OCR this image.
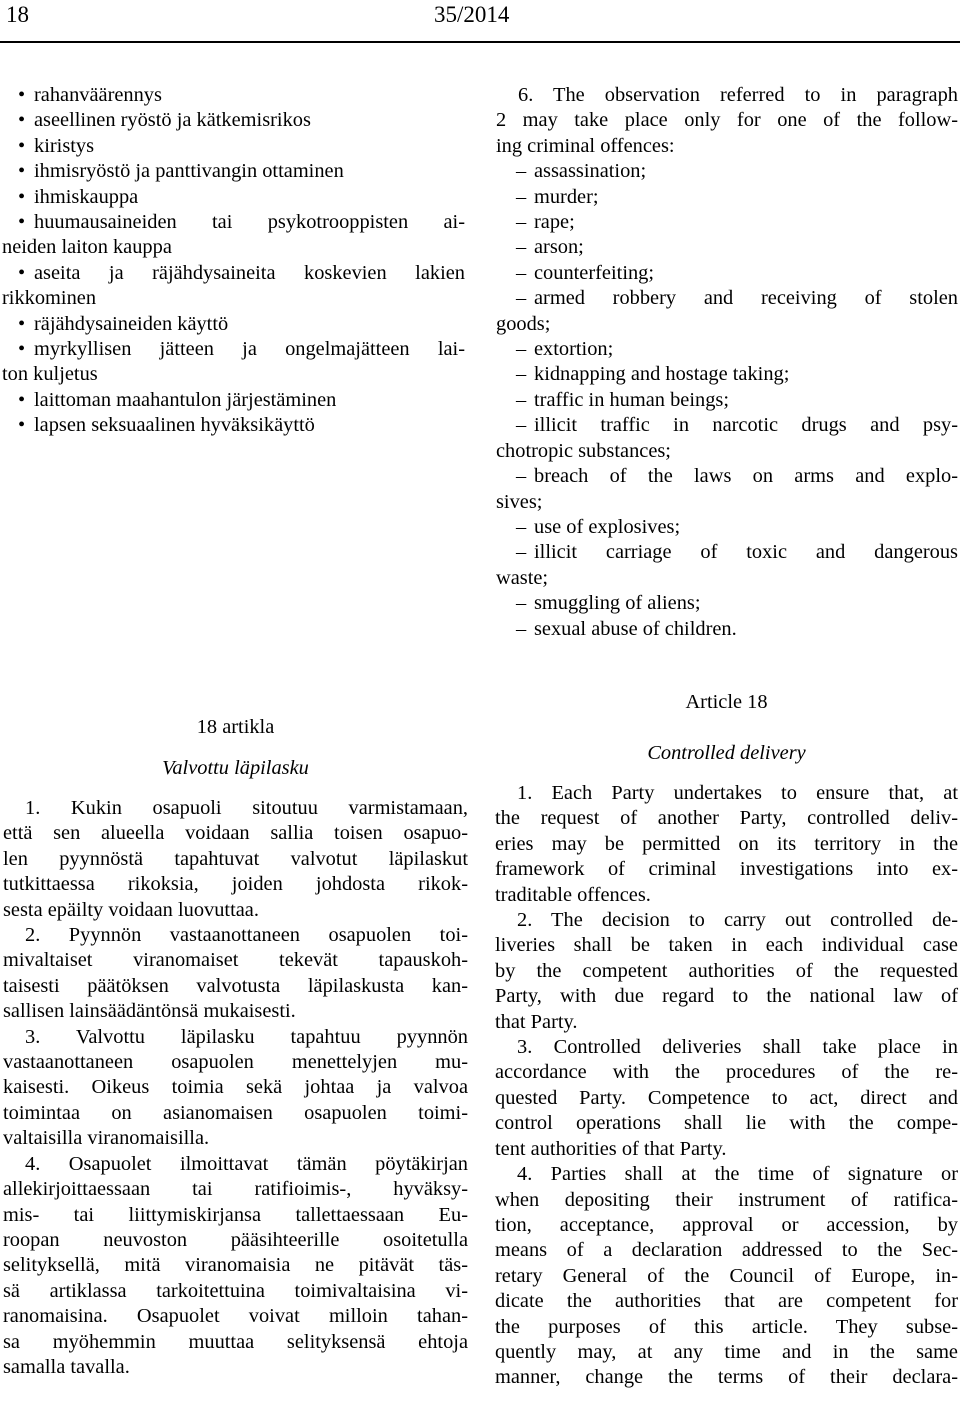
18	35/2014
• rahanväärennys
• aseellinen ryöstö ja kätkemisrikos
• kiristys
• ihmisryöstö ja panttivangin ottaminen
• ihmiskauppa
• huumausaineiden tai psykotrooppisten ai-
neiden laiton kauppa
• aseita ja räjähdysaineita koskevien lakien
rikkominen
• räjähdysaineiden käyttö
• myrkyllisen jätteen ja ongelmajätteen lai-
ton kuljetus
• laittoman maahantulon järjestäminen
• lapsen seksuaalinen hyväksikäyttö
6. The observation referred to in paragraph
2 may take place only for one of the follow-
ing criminal offences:
– assassination;
– murder;
– rape;
– arson;
– counterfeiting;
– armed robbery and receiving of stolen
goods;
– extortion;
– kidnapping and hostage taking;
– traffic in human beings;
– illicit traffic in narcotic drugs and psy-
chotropic substances;
– breach of the laws on arms and explo-
sives;
– use of explosives;
– illicit carriage of toxic and dangerous
waste;
– smuggling of aliens;
– sexual abuse of children.
18 artikla
Valvottu läpilasku
1. Kukin osapuoli sitoutuu varmistamaan,
että sen alueella voidaan sallia toisen osapuo-
len pyynnöstä tapahtuvat valvotut läpilaskut
tutkittaessa rikoksia, joiden johdosta rikok-
sesta epäilty voidaan luovuttaa.
2. Pyynnön vastaanottaneen osapuolen toi-
mivaltaiset viranomaiset tekevät tapauskoh-
taisesti päätöksen valvotusta läpilaskusta kan-
sallisen lainsäädäntönsä mukaisesti.
3. Valvottu läpilasku tapahtuu pyynnön
vastaanottaneen osapuolen menettelyjen mu-
kaisesti. Oikeus toimia sekä johtaa ja valvoa
toimintaa on asianomaisen osapuolen toimi-
valtaisilla viranomaisilla.
4. Osapuolet ilmoittavat tämän pöytäkirjan
allekirjoittaessaan tai ratifioimis-, hyväksy-
mis- tai liittymiskirjansa tallettaessaan Eu-
roopan neuvoston pääsihteerille osoitetulla
selityksellä, mitä viranomaisia ne pitävät täs-
sä artiklassa tarkoitettuina toimivaltaisina vi-
ranomaisina. Osapuolet voivat milloin tahan-
sa myöhemmin muuttaa selityksensä ehtoja
samalla tavalla.
Article 18
Controlled delivery
1. Each Party undertakes to ensure that, at
the request of another Party, controlled deliv-
eries may be permitted on its territory in the
framework of criminal investigations into ex-
traditable offences.
2. The decision to carry out controlled de-
liveries shall be taken in each individual case
by the competent authorities of the requested
Party, with due regard to the national law of
that Party.
3. Controlled deliveries shall take place in
accordance with the procedures of the re-
quested Party. Competence to act, direct and
control operations shall lie with the compe-
tent authorities of that Party.
4. Parties shall at the time of signature or
when depositing their instrument of ratifica-
tion, acceptance, approval or accession, by
means of a declaration addressed to the Sec-
retary General of the Council of Europe, in-
dicate the authorities that are competent for
the purposes of this article. They subse-
quently may, at any time and in the same
manner, change the terms of their declara-
